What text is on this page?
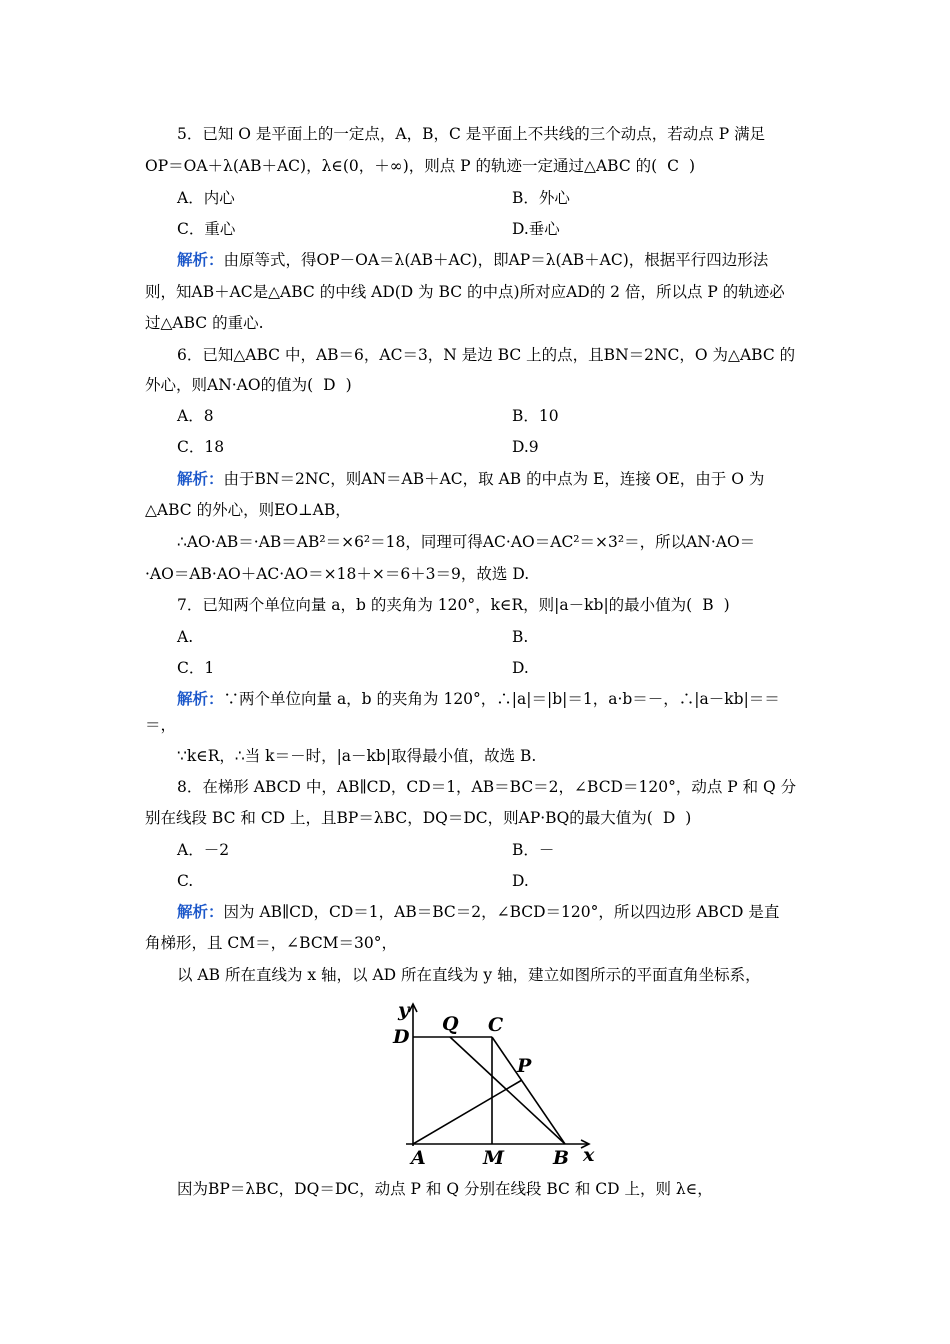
5．已知 O 是平面上的一定点，A，B，C 是平面上不共线的三个动点，若动点 P 满足
OP＝OA＋λ(AB＋AC)，λ∈(0，＋∞)，则点 P 的轨迹一定通过△ABC 的( C )
A．内心	B．外心
C．重心	D.垂心
解析：由原等式，得OP－OA＝λ(AB＋AC)，即AP＝λ(AB＋AC)，根据平行四边形法
则，知AB＋AC是△ABC 的中线 AD(D 为 BC 的中点)所对应AD的 2 倍，所以点 P 的轨迹必
过△ABC 的重心.
6．已知△ABC 中，AB＝6，AC＝3，N 是边 BC 上的点，且BN＝2NC，O 为△ABC 的
外心，则AN·AO的值为( D )
A．8	B．10
C．18	D.9
解析：由于BN＝2NC，则AN＝AB＋AC，取 AB 的中点为 E，连接 OE，由于 O 为
△ABC 的外心，则EO⊥AB，
∴AO·AB＝·AB＝AB²＝×6²＝18，同理可得AC·AO＝AC²＝×3²＝，所以AN·AO＝
·AO＝AB·AO＋AC·AO＝×18＋×＝6＋3＝9，故选 D.
7．已知两个单位向量 a，b 的夹角为 120°，k∈R，则|a－kb|的最小值为( B )
A.	B.
C．1	D.
解析：∵两个单位向量 a，b 的夹角为 120°，∴|a|＝|b|＝1，a·b＝－，∴|a－kb|＝＝
＝，
∵k∈R，∴当 k＝－时，|a－kb|取得最小值，故选 B.
8．在梯形 ABCD 中，AB∥CD，CD＝1，AB＝BC＝2，∠BCD＝120°，动点 P 和 Q 分
别在线段 BC 和 CD 上，且BP＝λBC，DQ＝DC，则AP·BQ的最大值为( D )
A．－2	B．－
C.	D.
解析：因为 AB∥CD，CD＝1，AB＝BC＝2，∠BCD＝120°，所以四边形 ABCD 是直
角梯形，且 CM＝，∠BCM＝30°，
以 AB 所在直线为 x 轴，以 AD 所在直线为 y 轴，建立如图所示的平面直角坐标系，
y
D
Q C
P
A	M	B x
因为BP＝λBC，DQ＝DC，动点 P 和 Q 分别在线段 BC 和 CD 上，则 λ∈，
